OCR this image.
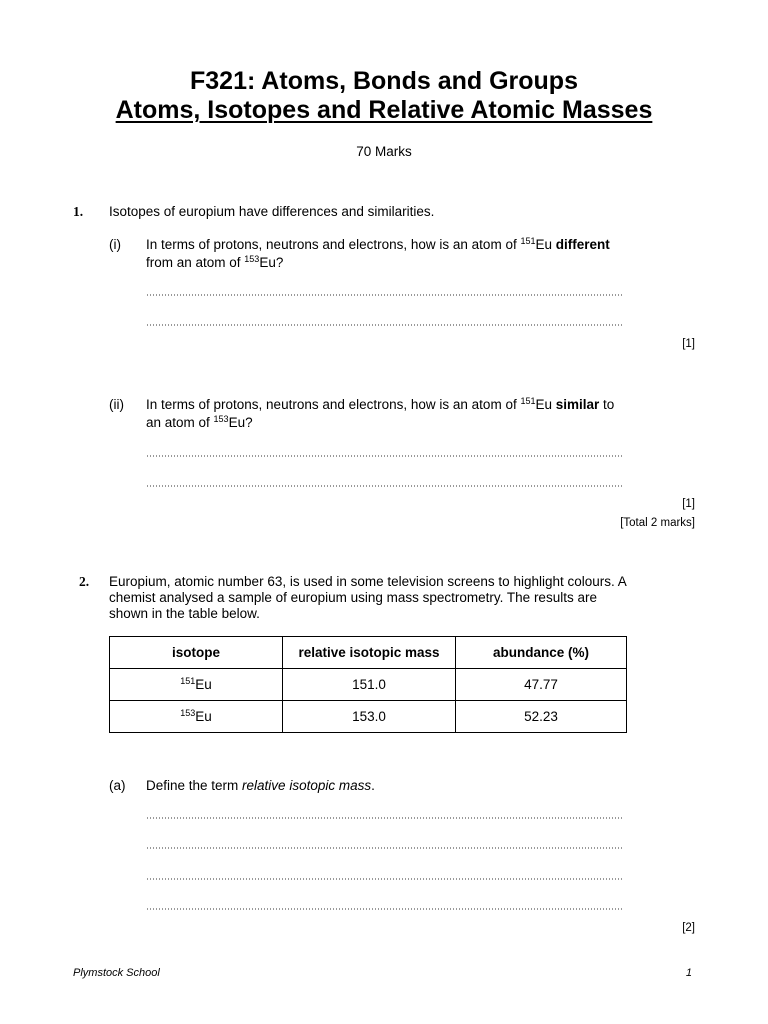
F321: Atoms, Bonds and Groups
Atoms, Isotopes and Relative Atomic Masses
70 Marks
1. Isotopes of europium have differences and similarities.
(i) In terms of protons, neutrons and electrons, how is an atom of $^{151}$Eu different
from an atom of $^{153}$Eu?
[1]
(ii) In terms of protons, neutrons and electrons, how is an atom of $^{151}$Eu similar to
an atom of $^{153}$Eu?
[1]
[Total 2 marks]
2. Europium, atomic number 63, is used in some television screens to highlight colours. A
chemist analysed a sample of europium using mass spectrometry. The results are
shown in the table below.
isotope	relative isotopic mass	abundance (%)
$^{151}$Eu	151.0	47.77
$^{153}$Eu	153.0	52.23
(a) Define the term relative isotopic mass.
[2]
Plymstock School	1
